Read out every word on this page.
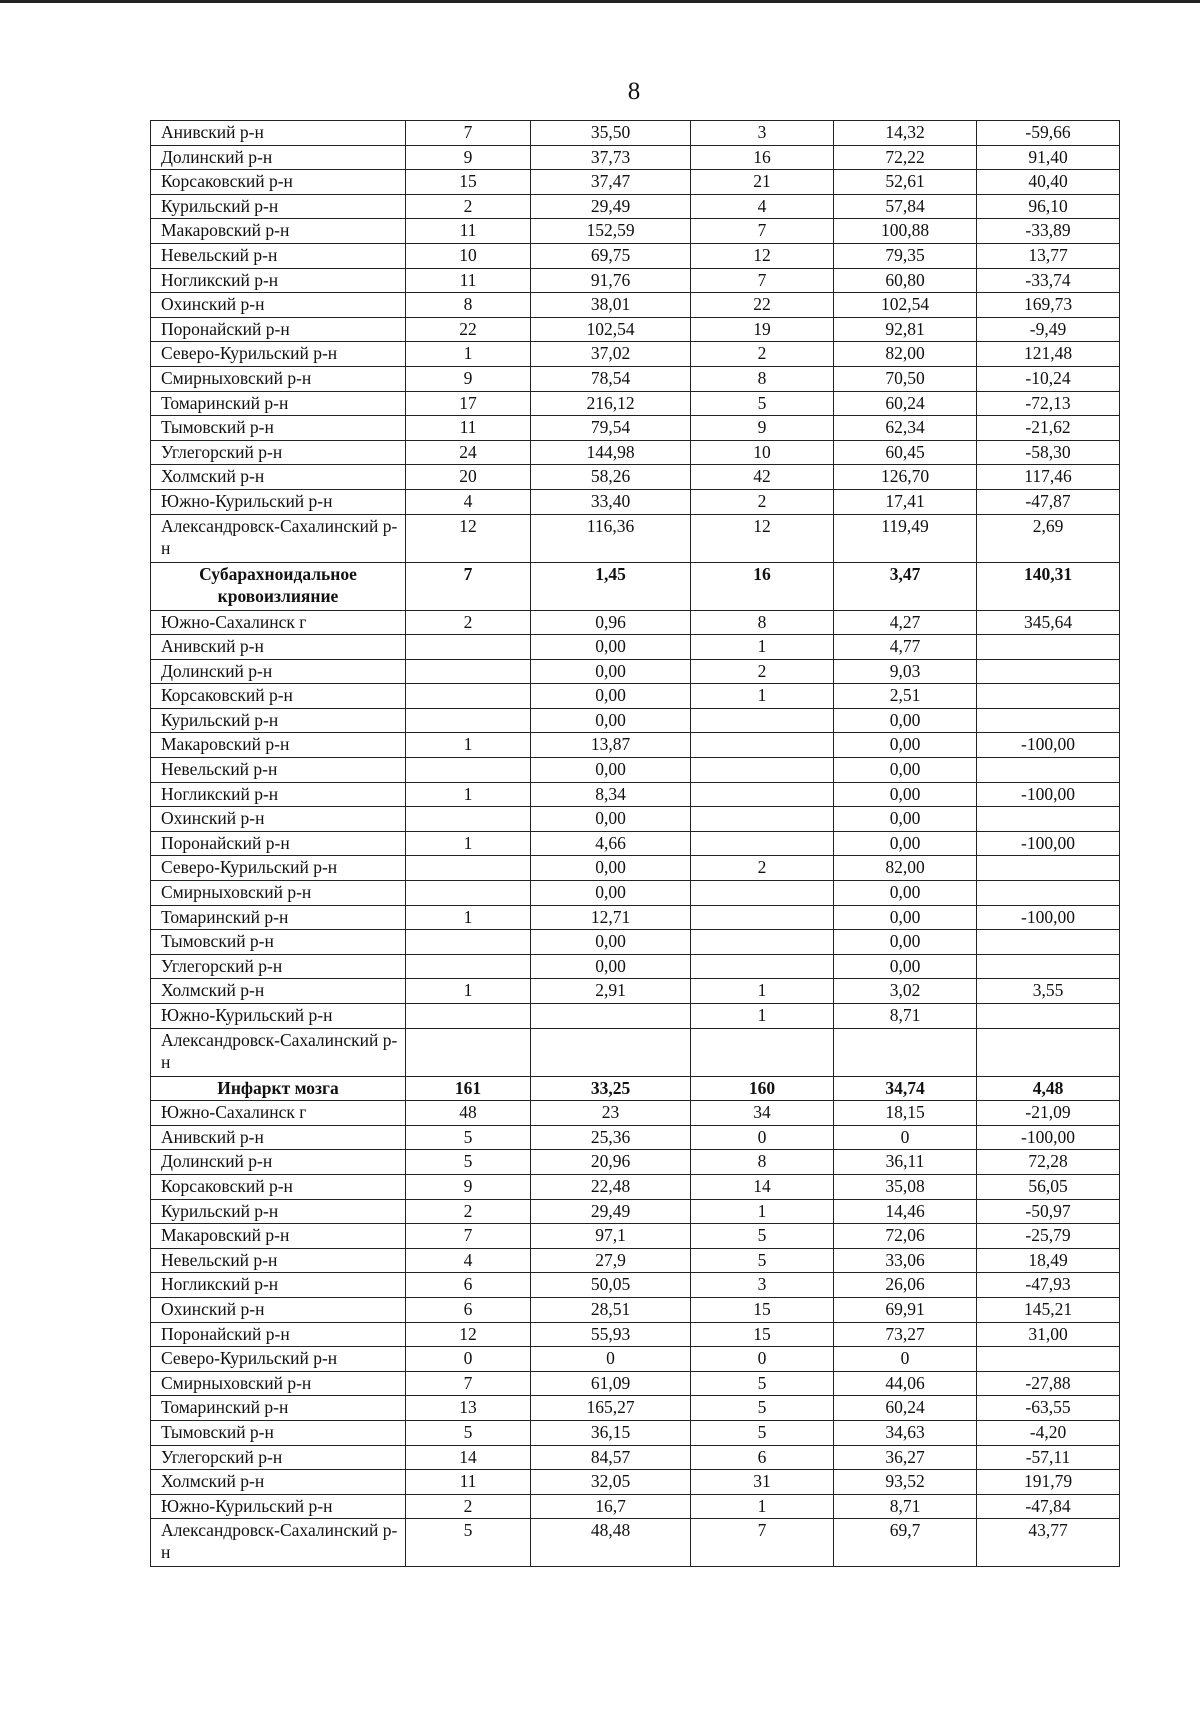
8
Анивский р-н	7	35,50	3	14,32	-59,66
Долинский р-н	9	37,73	16	72,22	91,40
Корсаковский р-н	15	37,47	21	52,61	40,40
Курильский р-н	2	29,49	4	57,84	96,10
Макаровский р-н	11	152,59	7	100,88	-33,89
Невельский р-н	10	69,75	12	79,35	13,77
Ногликский р-н	11	91,76	7	60,80	-33,74
Охинский р-н	8	38,01	22	102,54	169,73
Поронайский р-н	22	102,54	19	92,81	-9,49
Северо-Курильский р-н	1	37,02	2	82,00	121,48
Смирныховский р-н	9	78,54	8	70,50	-10,24
Томаринский р-н	17	216,12	5	60,24	-72,13
Тымовский р-н	11	79,54	9	62,34	-21,62
Углегорский р-н	24	144,98	10	60,45	-58,30
Холмский р-н	20	58,26	42	126,70	117,46
Южно-Курильский р-н	4	33,40	2	17,41	-47,87
Александровск-Сахалинский р-н	12	116,36	12	119,49	2,69
Субарахноидальное кровоизлияние	7	1,45	16	3,47	140,31
Южно-Сахалинск г	2	0,96	8	4,27	345,64
Анивский р-н		0,00	1	4,77	
Долинский р-н		0,00	2	9,03	
Корсаковский р-н		0,00	1	2,51	
Курильский р-н		0,00		0,00	
Макаровский р-н	1	13,87		0,00	-100,00
Невельский р-н		0,00		0,00	
Ногликский р-н	1	8,34		0,00	-100,00
Охинский р-н		0,00		0,00	
Поронайский р-н	1	4,66		0,00	-100,00
Северо-Курильский р-н		0,00	2	82,00	
Смирныховский р-н		0,00		0,00	
Томаринский р-н	1	12,71		0,00	-100,00
Тымовский р-н		0,00		0,00	
Углегорский р-н		0,00		0,00	
Холмский р-н	1	2,91	1	3,02	3,55
Южно-Курильский р-н			1	8,71	
Александровск-Сахалинский р-н					
Инфаркт мозга	161	33,25	160	34,74	4,48
Южно-Сахалинск г	48	23	34	18,15	-21,09
Анивский р-н	5	25,36	0	0	-100,00
Долинский р-н	5	20,96	8	36,11	72,28
Корсаковский р-н	9	22,48	14	35,08	56,05
Курильский р-н	2	29,49	1	14,46	-50,97
Макаровский р-н	7	97,1	5	72,06	-25,79
Невельский р-н	4	27,9	5	33,06	18,49
Ногликский р-н	6	50,05	3	26,06	-47,93
Охинский р-н	6	28,51	15	69,91	145,21
Поронайский р-н	12	55,93	15	73,27	31,00
Северо-Курильский р-н	0	0	0	0	
Смирныховский р-н	7	61,09	5	44,06	-27,88
Томаринский р-н	13	165,27	5	60,24	-63,55
Тымовский р-н	5	36,15	5	34,63	-4,20
Углегорский р-н	14	84,57	6	36,27	-57,11
Холмский р-н	11	32,05	31	93,52	191,79
Южно-Курильский р-н	2	16,7	1	8,71	-47,84
Александровск-Сахалинский р-н	5	48,48	7	69,7	43,77
